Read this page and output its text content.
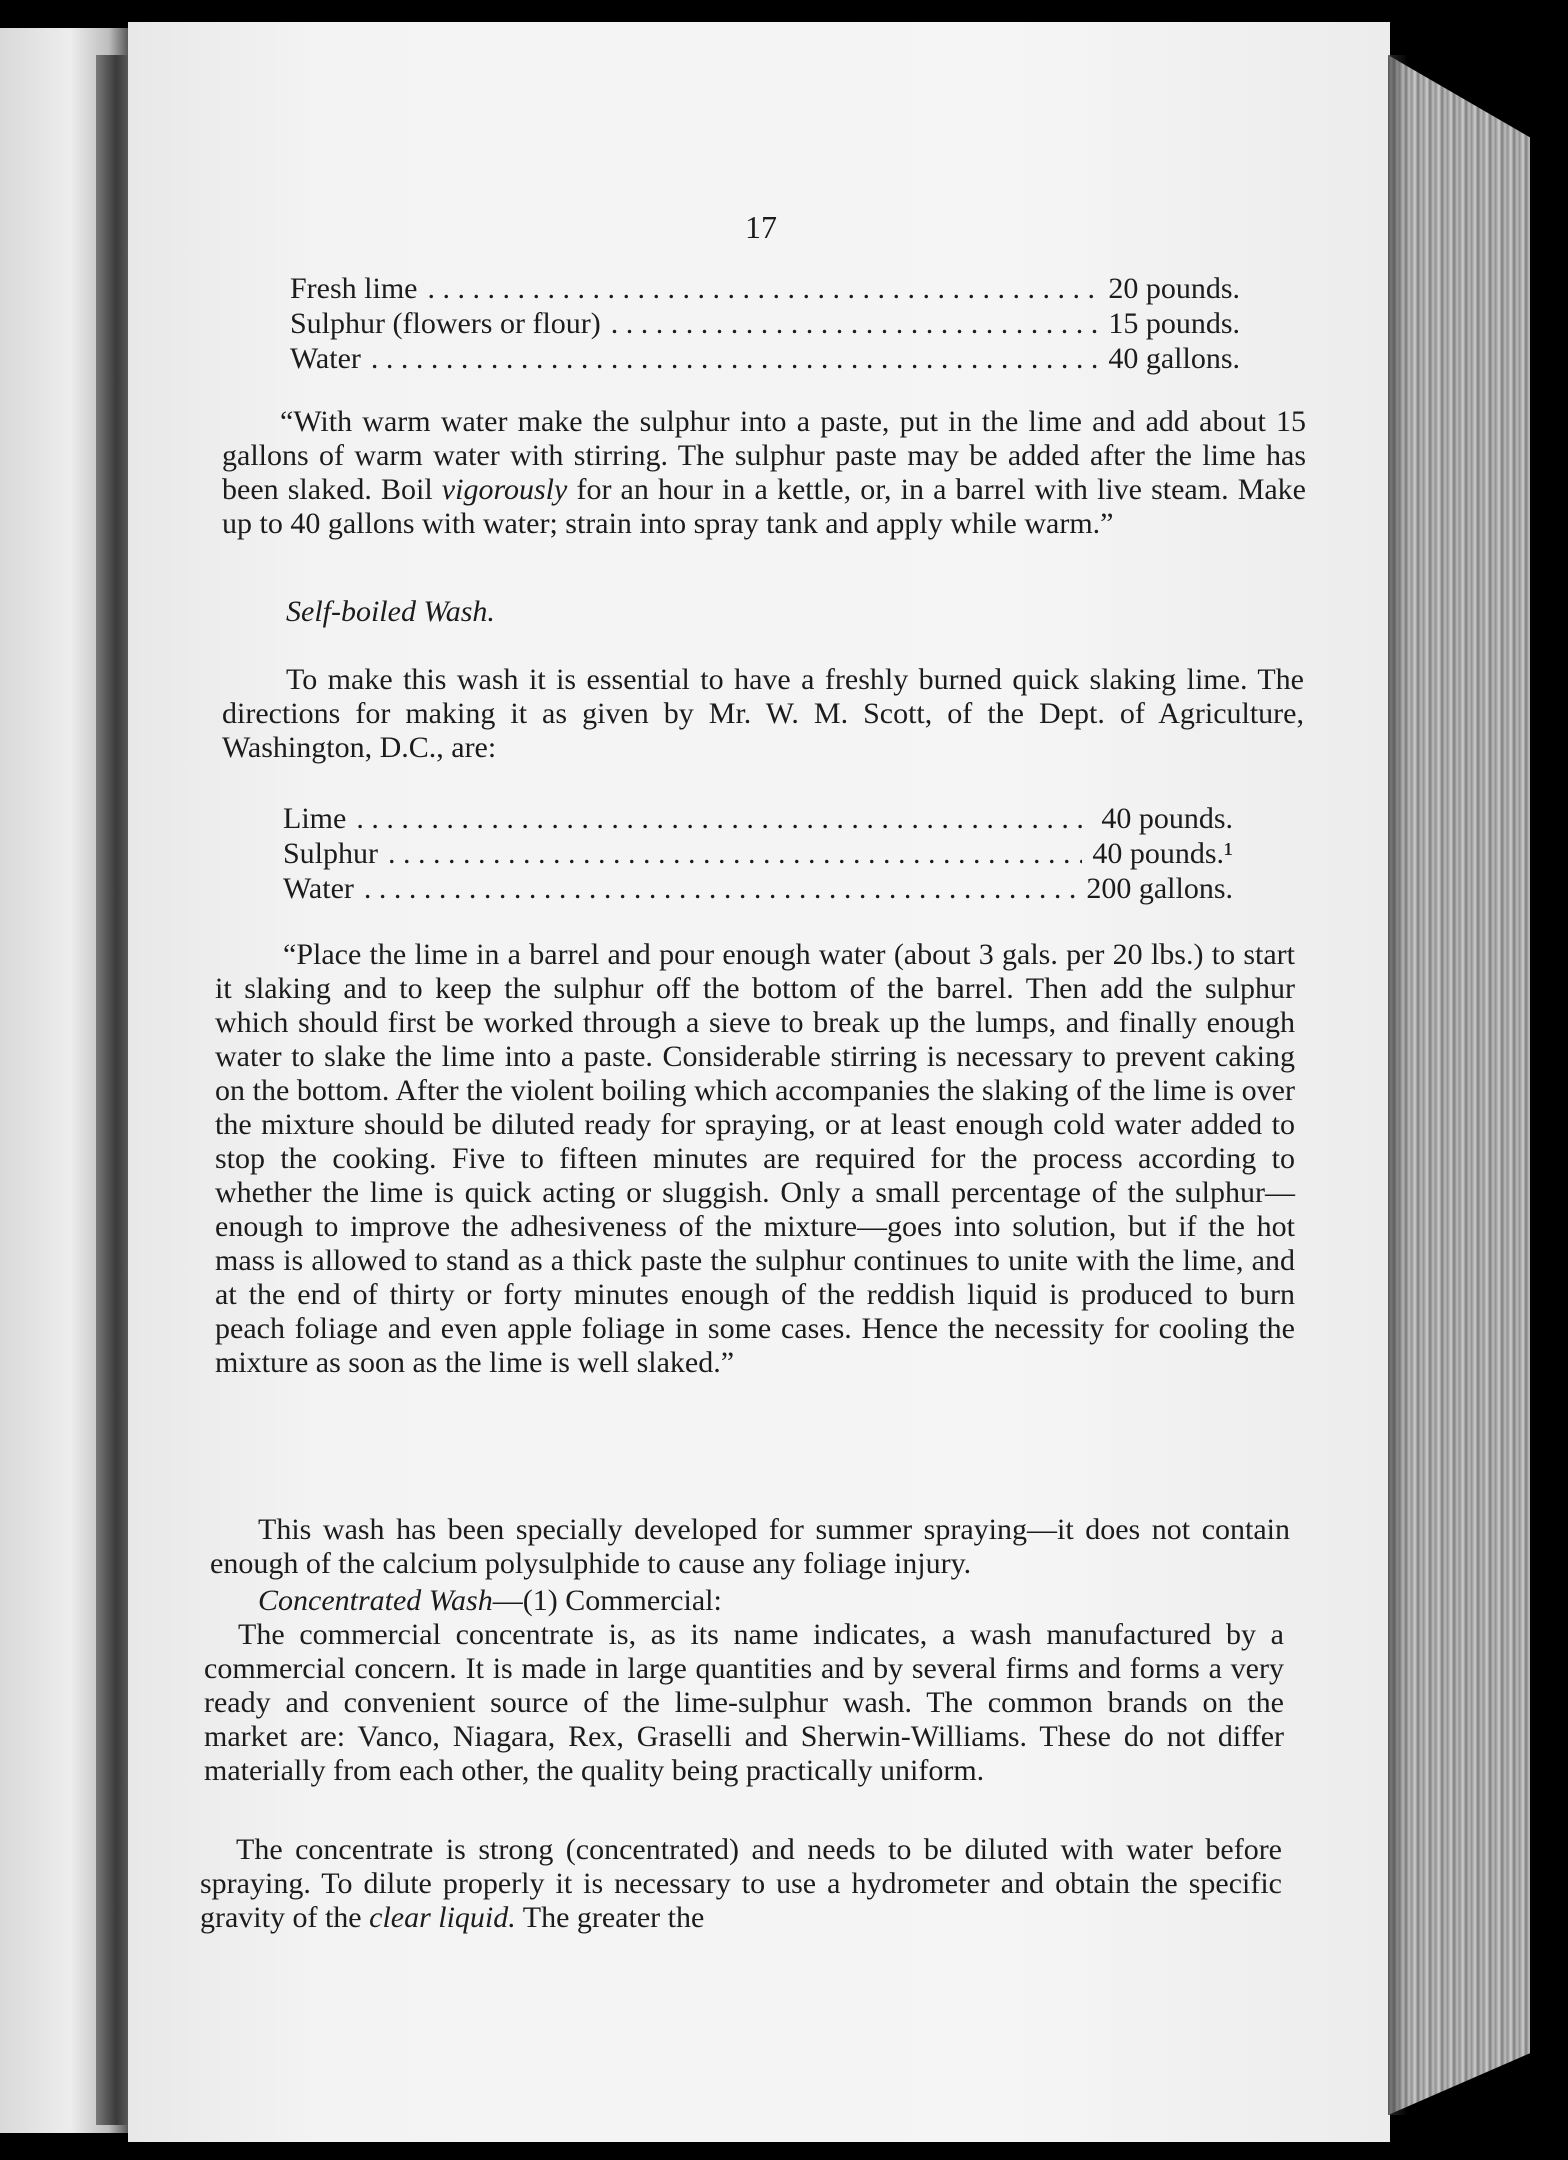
17
Fresh lime . . .	20 pounds.
Sulphur (flowers or flour) . . .	15 pounds.
Water . . .	40 gallons.
“With warm water make the sulphur into a paste, put in the lime and add about 15 gallons of warm water with stirring. The sulphur paste may be added after the lime has been slaked. Boil vigorously for an hour in a kettle, or, in a barrel with live steam. Make up to 40 gallons with water; strain into spray tank and apply while warm.”
Self-boiled Wash.
To make this wash it is essential to have a freshly burned quick slaking lime. The directions for making it as given by Mr. W. M. Scott, of the Dept. of Agriculture, Washington, D.C., are:
Lime . . .	40 pounds.
Sulphur . . .	40 pounds.¹
Water . . .	200 gallons.
“Place the lime in a barrel and pour enough water (about 3 gals. per 20 lbs.) to start it slaking and to keep the sulphur off the bottom of the barrel. Then add the sulphur which should first be worked through a sieve to break up the lumps, and finally enough water to slake the lime into a paste. Considerable stirring is necessary to prevent caking on the bottom. After the violent boiling which accompanies the slaking of the lime is over the mixture should be diluted ready for spraying, or at least enough cold water added to stop the cooking. Five to fifteen minutes are required for the process according to whether the lime is quick acting or sluggish. Only a small percentage of the sulphur—enough to improve the adhesiveness of the mixture—goes into solution, but if the hot mass is allowed to stand as a thick paste the sulphur continues to unite with the lime, and at the end of thirty or forty minutes enough of the reddish liquid is produced to burn peach foliage and even apple foliage in some cases. Hence the necessity for cooling the mixture as soon as the lime is well slaked.”
This wash has been specially developed for summer spraying—it does not contain enough of the calcium polysulphide to cause any foliage injury.
Concentrated Wash—(1) Commercial:
The commercial concentrate is, as its name indicates, a wash manufactured by a commercial concern. It is made in large quantities and by several firms and forms a very ready and convenient source of the lime-sulphur wash. The common brands on the market are: Vanco, Niagara, Rex, Graselli and Sherwin-Williams. These do not differ materially from each other, the quality being practically uniform.
The concentrate is strong (concentrated) and needs to be diluted with water before spraying. To dilute properly it is necessary to use a hydrometer and obtain the specific gravity of the clear liquid. The greater the
